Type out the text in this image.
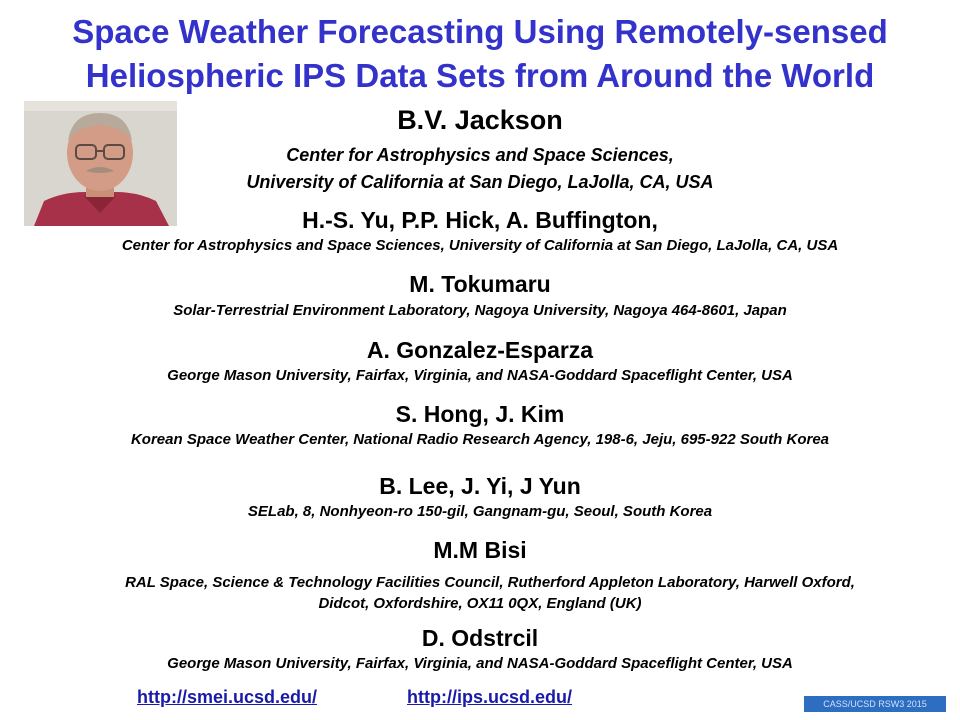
Space Weather Forecasting Using Remotely-sensed
Heliospheric IPS Data Sets from Around the World
B.V. Jackson
Center for Astrophysics and Space Sciences,
University of California at San Diego, LaJolla, CA, USA
H.-S. Yu, P.P. Hick, A. Buffington,
Center for Astrophysics and Space Sciences, University of California at San Diego, LaJolla, CA, USA
M. Tokumaru
Solar-Terrestrial Environment Laboratory, Nagoya University, Nagoya 464-8601, Japan
A. Gonzalez-Esparza
George Mason University, Fairfax, Virginia, and NASA-Goddard Spaceflight Center, USA
S. Hong, J. Kim
Korean Space Weather Center, National Radio Research Agency, 198-6, Jeju, 695-922 South Korea
B. Lee, J. Yi, J Yun
SELab, 8, Nonhyeon-ro 150-gil, Gangnam-gu, Seoul, South Korea
M.M Bisi
RAL Space, Science & Technology Facilities Council, Rutherford Appleton Laboratory, Harwell Oxford,
Didcot, Oxfordshire, OX11 0QX, England (UK)
D. Odstrcil
George Mason University, Fairfax, Virginia, and NASA-Goddard Spaceflight Center, USA
http://smei.ucsd.edu/	http://ips.ucsd.edu/	CASS/UCSD RSW3 2015
